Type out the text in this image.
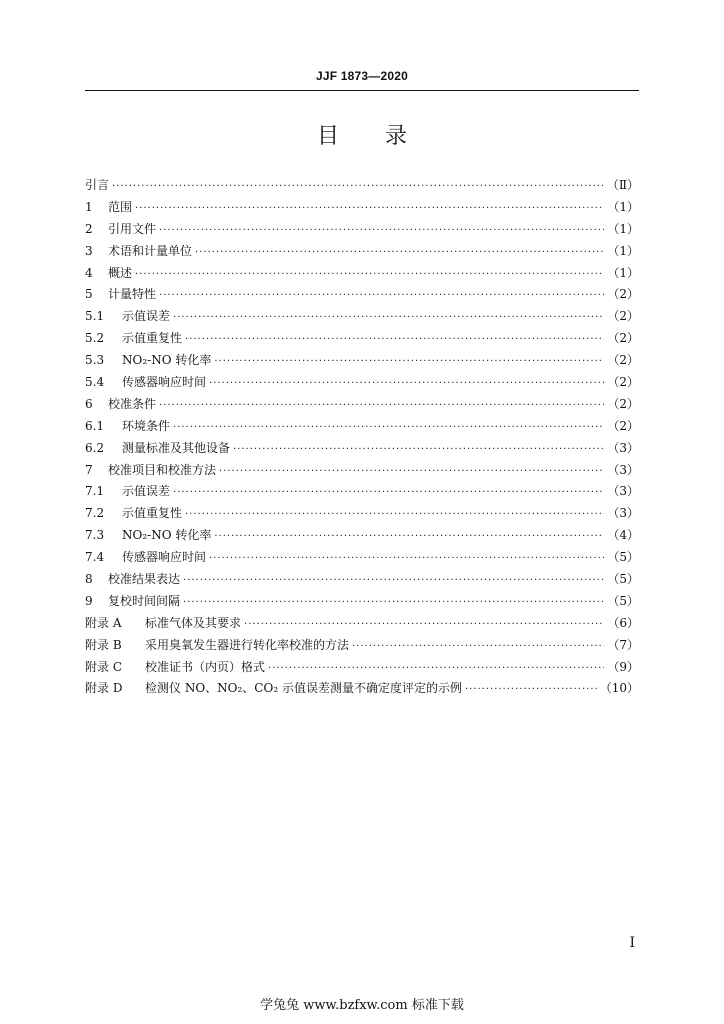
JJF 1873—2020
目 录
引言 ·····	（Ⅱ）
1	范围 ·····	（1）
2	引用文件 ·····	（1）
3	术语和计量单位 ·····	（1）
4	概述 ·····	（1）
5	计量特性 ·····	（2）
5.1	示值误差 ·····	（2）
5.2	示值重复性 ·····	（2）
5.3	NO₂-NO 转化率 ·····	（2）
5.4	传感器响应时间 ·····	（2）
6	校准条件 ·····	（2）
6.1	环境条件 ·····	（2）
6.2	测量标准及其他设备 ·····	（3）
7	校准项目和校准方法 ·····	（3）
7.1	示值误差 ·····	（3）
7.2	示值重复性 ·····	（3）
7.3	NO₂-NO 转化率 ·····	（4）
7.4	传感器响应时间 ·····	（5）
8	校准结果表达 ·····	（5）
9	复校时间间隔 ·····	（5）
附录 A	标准气体及其要求 ·····	（6）
附录 B	采用臭氧发生器进行转化率校准的方法 ·····	（7）
附录 C	校准证书（内页）格式 ·····	（9）
附录 D	检测仪 NO、NO₂、CO₂ 示值误差测量不确定度评定的示例 ·····	（10）
I
学兔兔 www.bzfxw.com 标准下载
